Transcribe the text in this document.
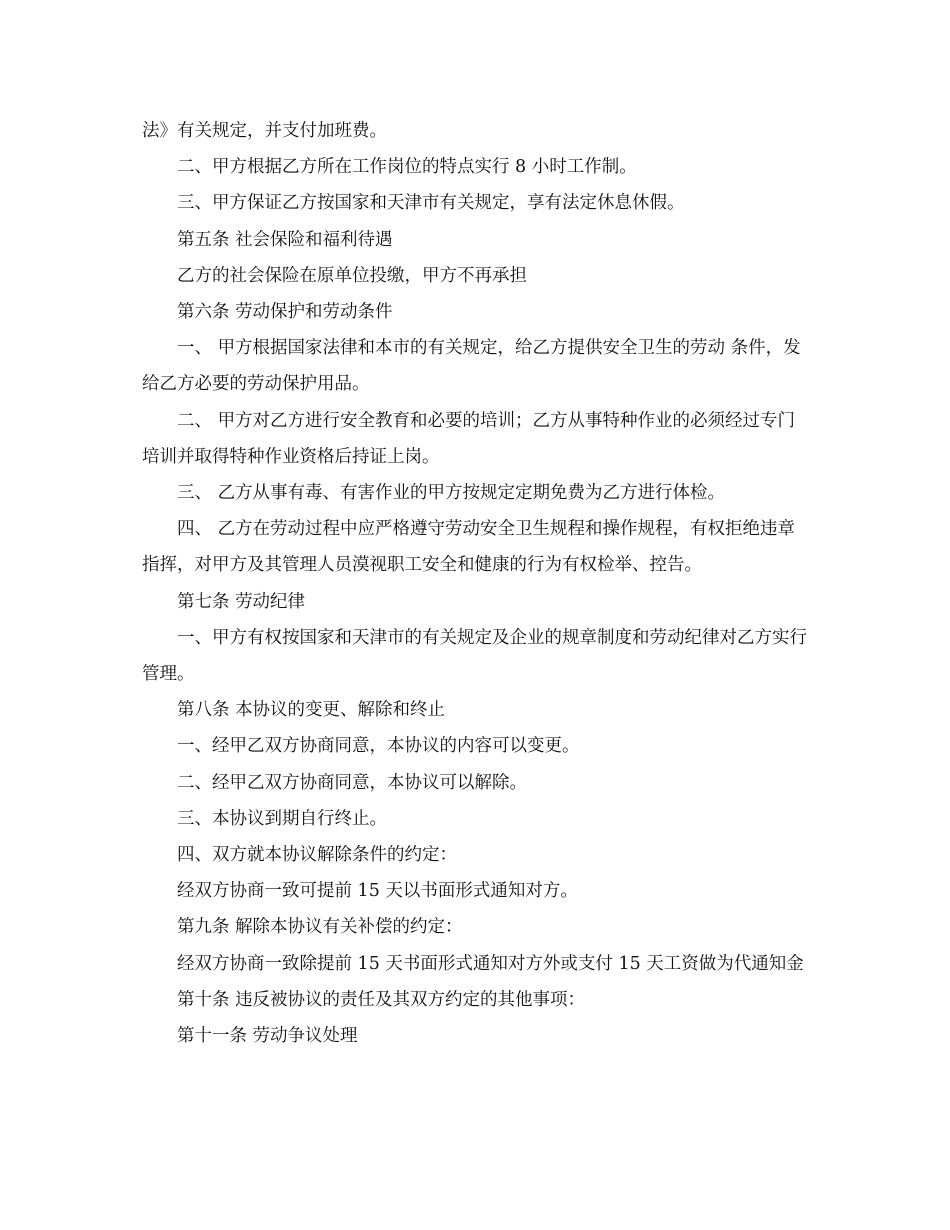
法》有关规定，并支付加班费。

二、甲方根据乙方所在工作岗位的特点实行 8 小时工作制。

三、甲方保证乙方按国家和天津市有关规定，享有法定休息休假。

第五条 社会保险和福利待遇

乙方的社会保险在原单位投缴，甲方不再承担

第六条 劳动保护和劳动条件

一、 甲方根据国家法律和本市的有关规定，给乙方提供安全卫生的劳动 条件，发给乙方必要的劳动保护用品。

二、 甲方对乙方进行安全教育和必要的培训；乙方从事特种作业的必须经过专门培训并取得特种作业资格后持证上岗。

三、 乙方从事有毒、有害作业的甲方按规定定期免费为乙方进行体检。

四、 乙方在劳动过程中应严格遵守劳动安全卫生规程和操作规程，有权拒绝违章指挥，对甲方及其管理人员漠视职工安全和健康的行为有权检举、控告。

第七条 劳动纪律

一、甲方有权按国家和天津市的有关规定及企业的规章制度和劳动纪律对乙方实行管理。

第八条 本协议的变更、解除和终止

一、经甲乙双方协商同意，本协议的内容可以变更。

二、经甲乙双方协商同意，本协议可以解除。

三、本协议到期自行终止。

四、双方就本协议解除条件的约定：

经双方协商一致可提前 15 天以书面形式通知对方。

第九条 解除本协议有关补偿的约定：

经双方协商一致除提前 15 天书面形式通知对方外或支付 15 天工资做为代通知金

第十条 违反被协议的责任及其双方约定的其他事项：

第十一条 劳动争议处理
